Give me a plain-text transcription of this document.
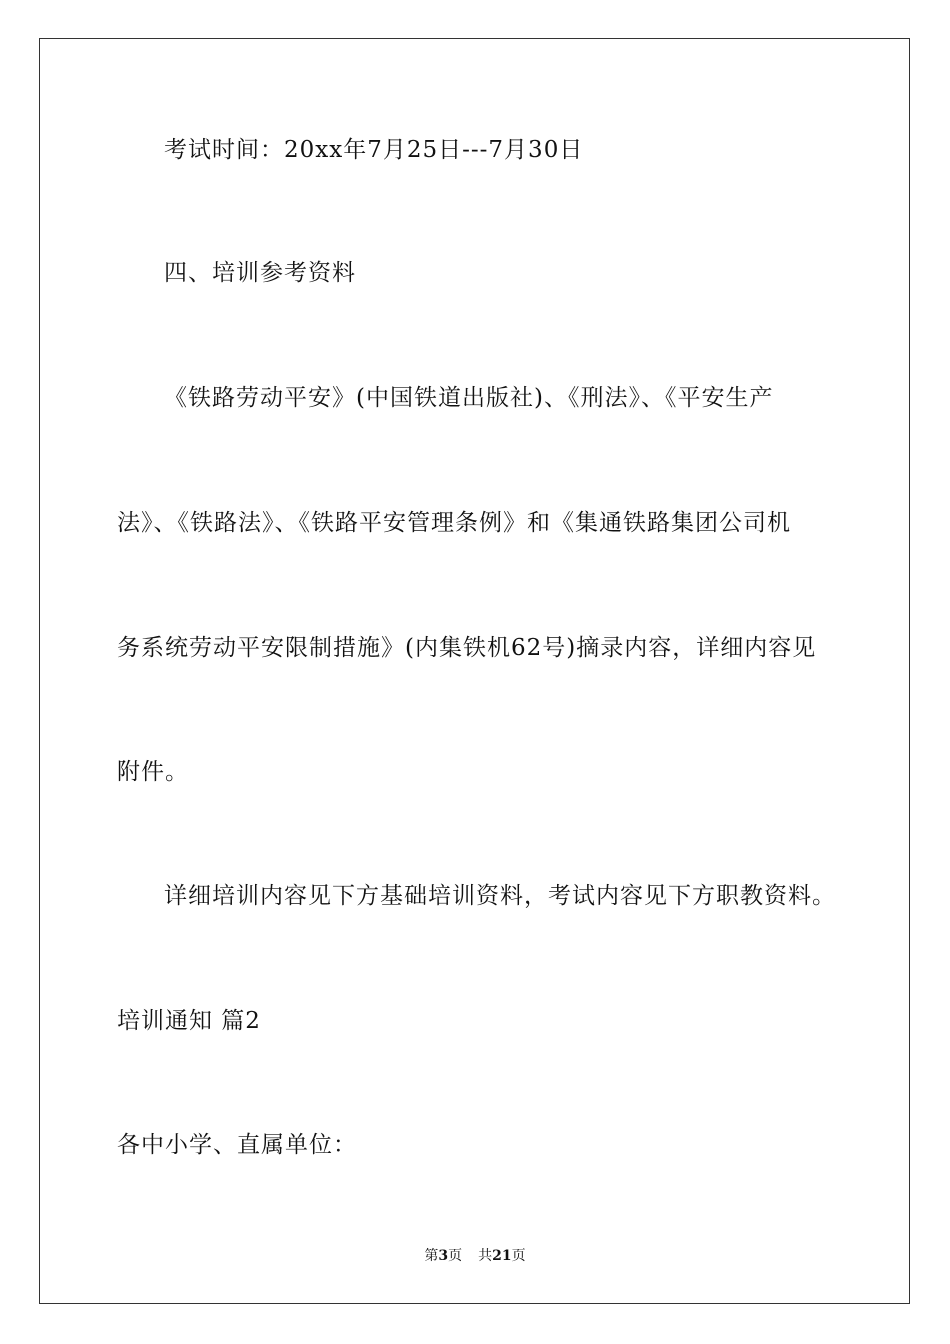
考试时间：20xx年7月25日---7月30日
四、培训参考资料
《铁路劳动平安》(中国铁道出版社)、《刑法》、《平安生产
法》、《铁路法》、《铁路平安管理条例》和《集通铁路集团公司机
务系统劳动平安限制措施》(内集铁机62号)摘录内容，详细内容见
附件。
详细培训内容见下方基础培训资料，考试内容见下方职教资料。
培训通知 篇2
各中小学、直属单位：
第3页 共21页
